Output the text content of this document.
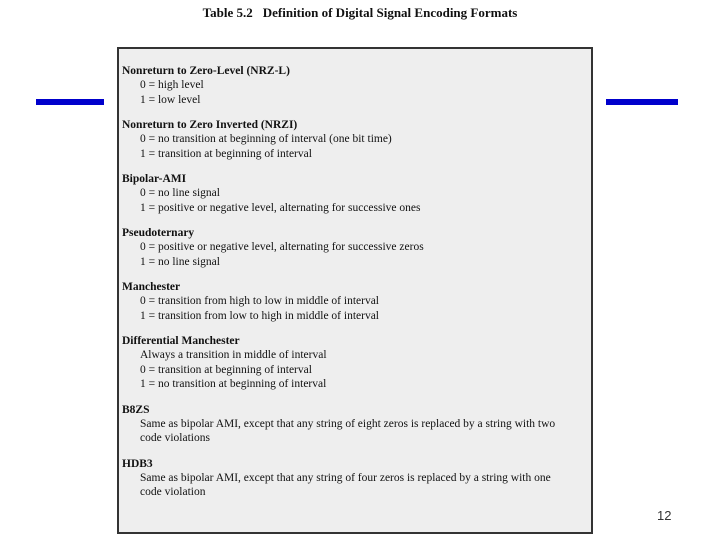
Table 5.2 Definition of Digital Signal Encoding Formats
Nonreturn to Zero-Level (NRZ-L)
0 = high level
1 = low level
Nonreturn to Zero Inverted (NRZI)
0 = no transition at beginning of interval (one bit time)
1 = transition at beginning of interval
Bipolar-AMI
0 = no line signal
1 = positive or negative level, alternating for successive ones
Pseudoternary
0 = positive or negative level, alternating for successive zeros
1 = no line signal
Manchester
0 = transition from high to low in middle of interval
1 = transition from low to high in middle of interval
Differential Manchester
Always a transition in middle of interval
0 = transition at beginning of interval
1 = no transition at beginning of interval
B8ZS
Same as bipolar AMI, except that any string of eight zeros is replaced by a string with two
code violations
HDB3
Same as bipolar AMI, except that any string of four zeros is replaced by a string with one
code violation
12
